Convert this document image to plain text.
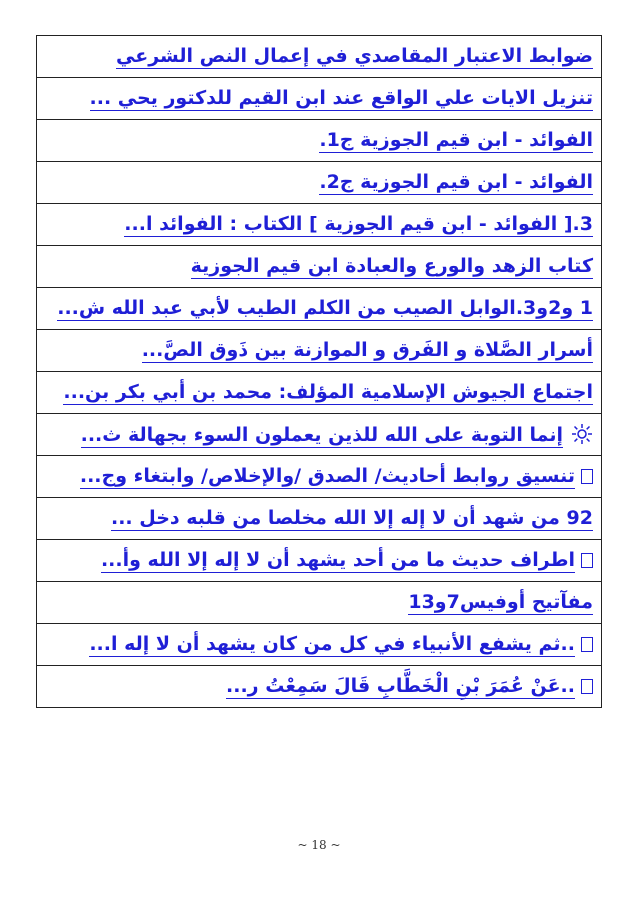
ضوابط الاعتبار المقاصدي في إعمال النص الشرعي
تنزيل الايات علي الواقع عند ابن القيم للدكتور يحي ...
الفوائد - ابن قيم الجوزية ج1.
الفوائد - ابن قيم الجوزية ج2.
3.[ الفوائد - ابن قيم الجوزية ] الكتاب : الفوائد ا...
كتاب الزهد والورع والعبادة ابن قيم الجوزية
1 و2و3.الوابل الصيب من الكلم الطيب لأبي عبد الله ش...
أسرار الصَّلاة و الفَرق و الموازنة بين ذَوق الصَّ...
اجتماع الجيوش الإسلامية المؤلف: محمد بن أبي بكر بن...
إنما التوبة على الله للذين يعملون السوء بجهالة ث...
تنسيق روابط أحاديث/ الصدق /والإخلاص/ وابتغاء وج...
92 من شهد أن لا إله إلا الله مخلصا من قلبه دخل ...
اطراف حديث ما من أحد يشهد أن لا إله إلا الله وأ...
مفآتيح أوفيس7و13
..ثم يشفع الأنبياء في كل من كان يشهد أن لا إله ا...
..عَنْ عُمَرَ بْنِ الْخَطَّابِ قَالَ سَمِعْتُ ر...
~ 18 ~
